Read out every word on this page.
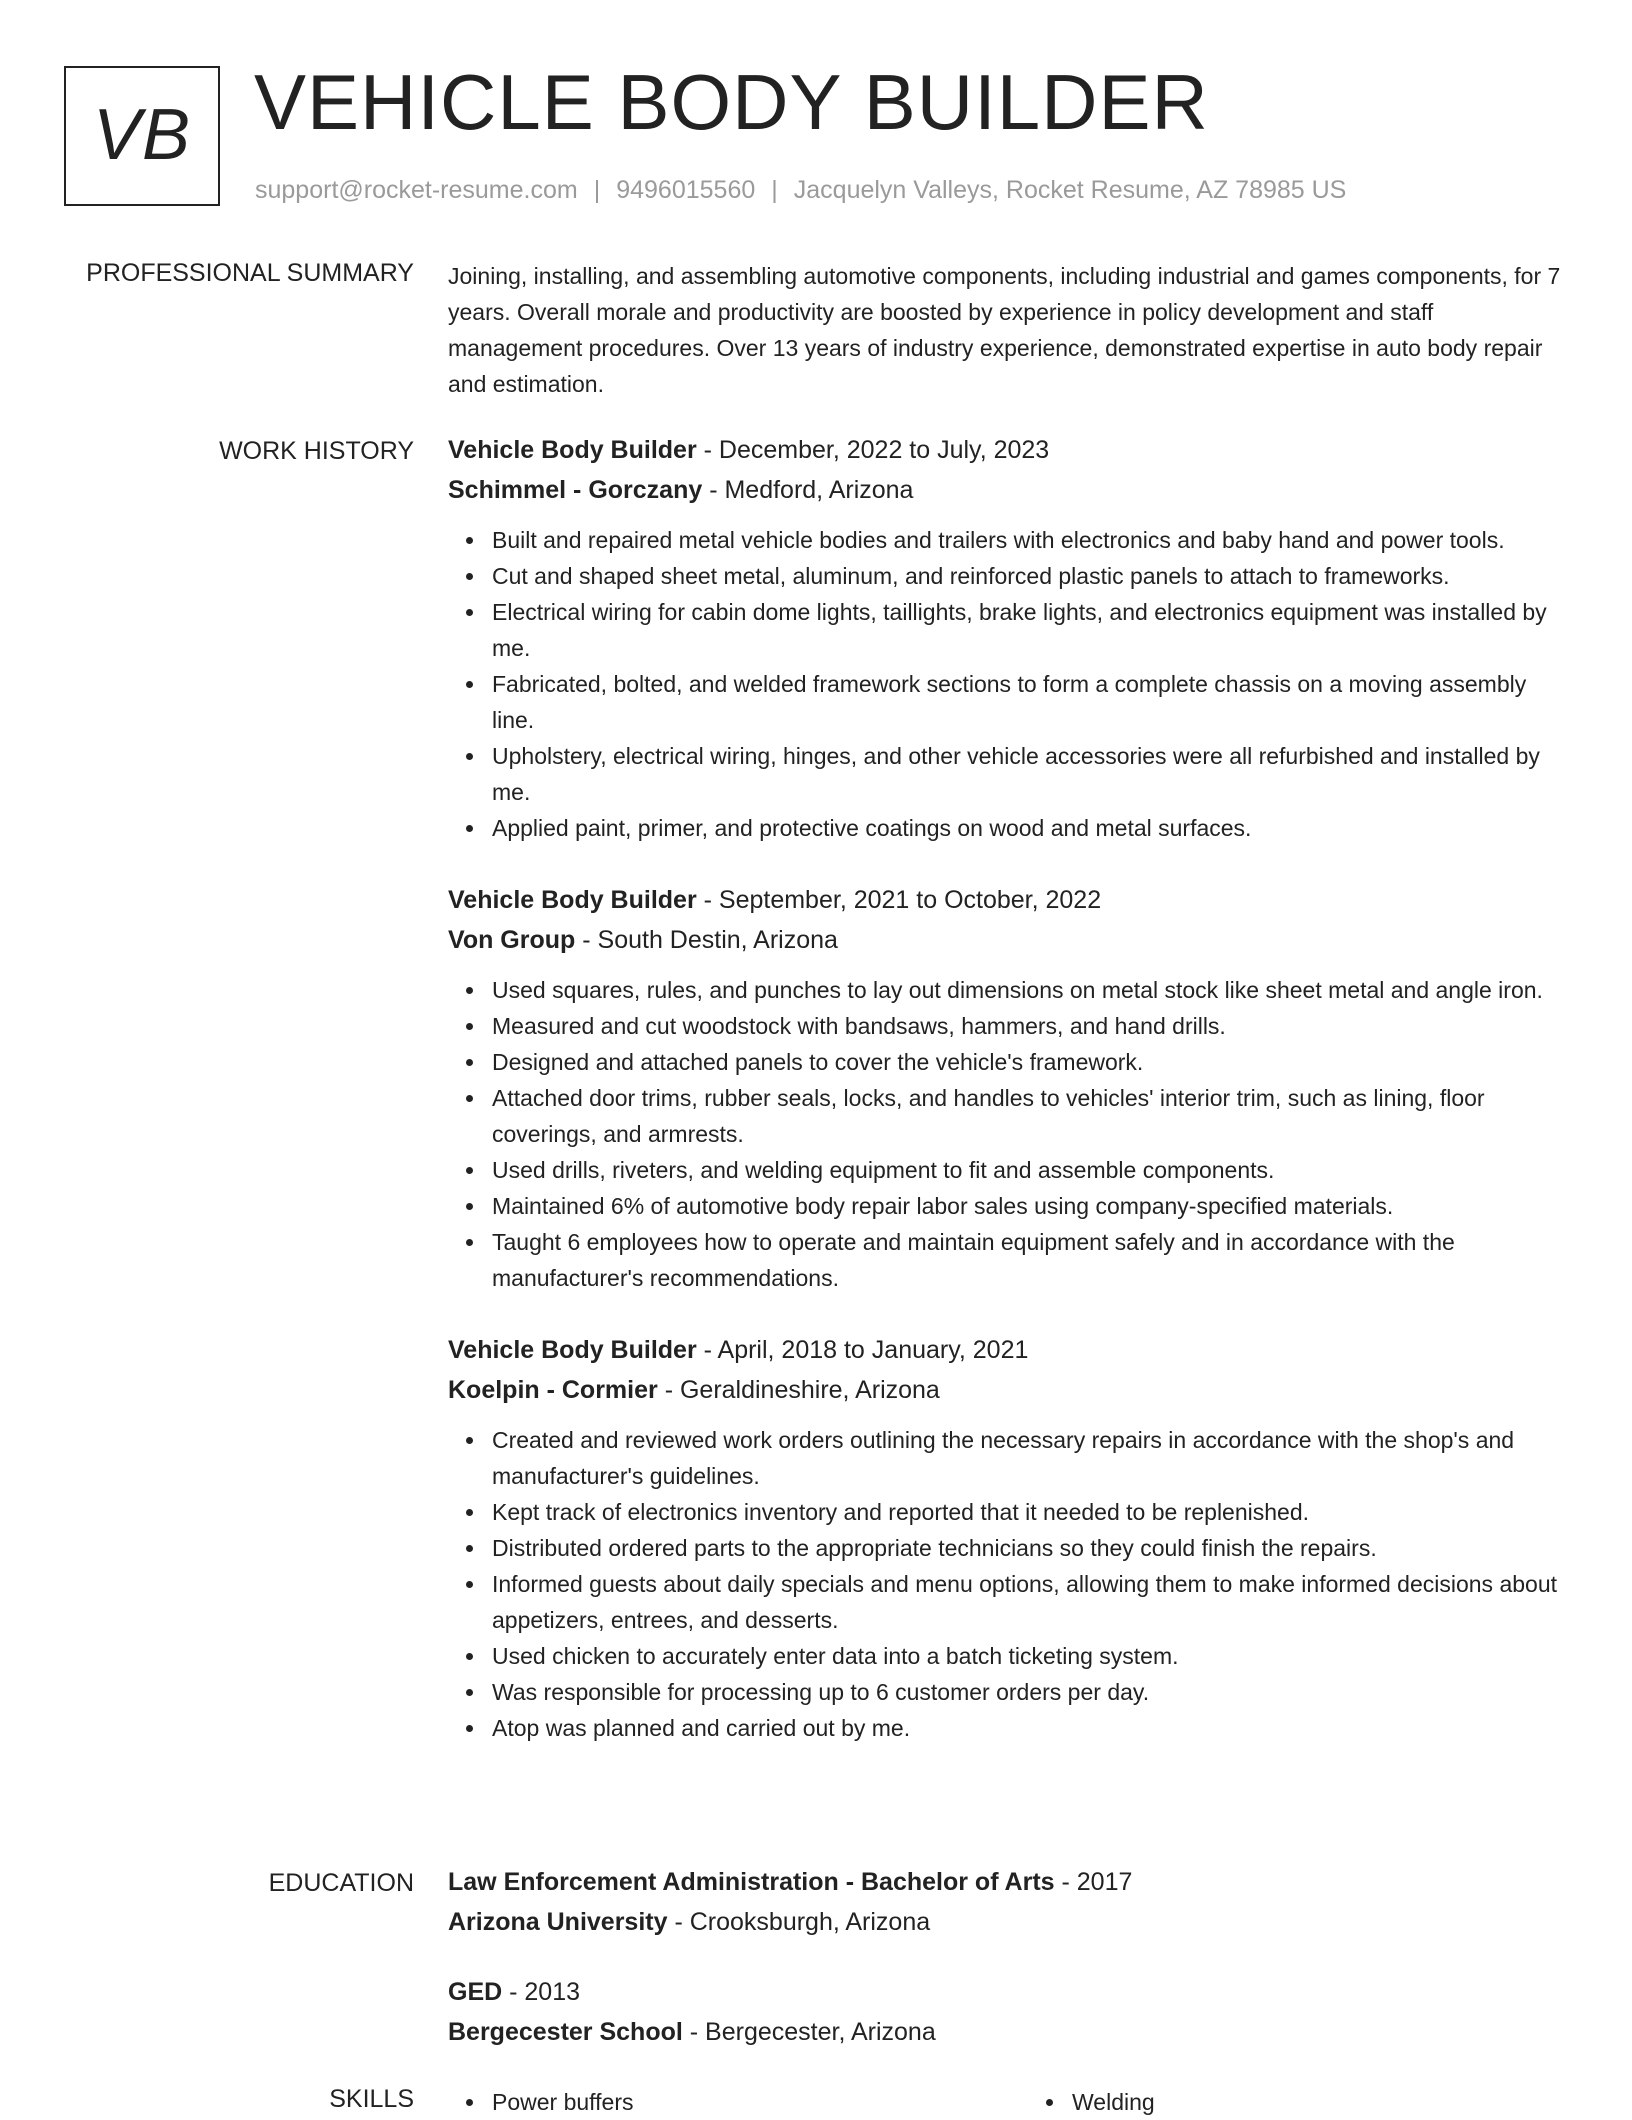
VB VEHICLE BODY BUILDER
support@rocket-resume.com | 9496015560 | Jacquelyn Valleys, Rocket Resume, AZ 78985 US
PROFESSIONAL SUMMARY Joining, installing, and assembling automotive components, including industrial and games components, for 7 years. Overall morale and productivity are boosted by experience in policy development and staff management procedures. Over 13 years of industry experience, demonstrated expertise in auto body repair and estimation.

WORK HISTORY Vehicle Body Builder - December, 2022 to July, 2023
Schimmel - Gorczany - Medford, Arizona
Built and repaired metal vehicle bodies and trailers with electronics and baby hand and power tools.
Cut and shaped sheet metal, aluminum, and reinforced plastic panels to attach to frameworks.
Electrical wiring for cabin dome lights, taillights, brake lights, and electronics equipment was installed by me.
Fabricated, bolted, and welded framework sections to form a complete chassis on a moving assembly line.
Upholstery, electrical wiring, hinges, and other vehicle accessories were all refurbished and installed by me.
Applied paint, primer, and protective coatings on wood and metal surfaces.
Vehicle Body Builder - September, 2021 to October, 2022
Von Group - South Destin, Arizona
Used squares, rules, and punches to lay out dimensions on metal stock like sheet metal and angle iron.
Measured and cut woodstock with bandsaws, hammers, and hand drills.
Designed and attached panels to cover the vehicle's framework.
Attached door trims, rubber seals, locks, and handles to vehicles' interior trim, such as lining, floor coverings, and armrests.
Used drills, riveters, and welding equipment to fit and assemble components.
Maintained 6% of automotive body repair labor sales using company-specified materials.
Taught 6 employees how to operate and maintain equipment safely and in accordance with the manufacturer's recommendations.
Vehicle Body Builder - April, 2018 to January, 2021
Koelpin - Cormier - Geraldineshire, Arizona
Created and reviewed work orders outlining the necessary repairs in accordance with the shop's and manufacturer's guidelines.
Kept track of electronics inventory and reported that it needed to be replenished.
Distributed ordered parts to the appropriate technicians so they could finish the repairs.
Informed guests about daily specials and menu options, allowing them to make informed decisions about appetizers, entrees, and desserts.
Used chicken to accurately enter data into a batch ticketing system.
Was responsible for processing up to 6 customer orders per day.
Atop was planned and carried out by me.
EDUCATION Law Enforcement Administration - Bachelor of Arts - 2017
Arizona University - Crooksburgh, Arizona
GED - 2013
Bergecester School - Bergecester, Arizona
SKILLS	Power buffers	Welding
